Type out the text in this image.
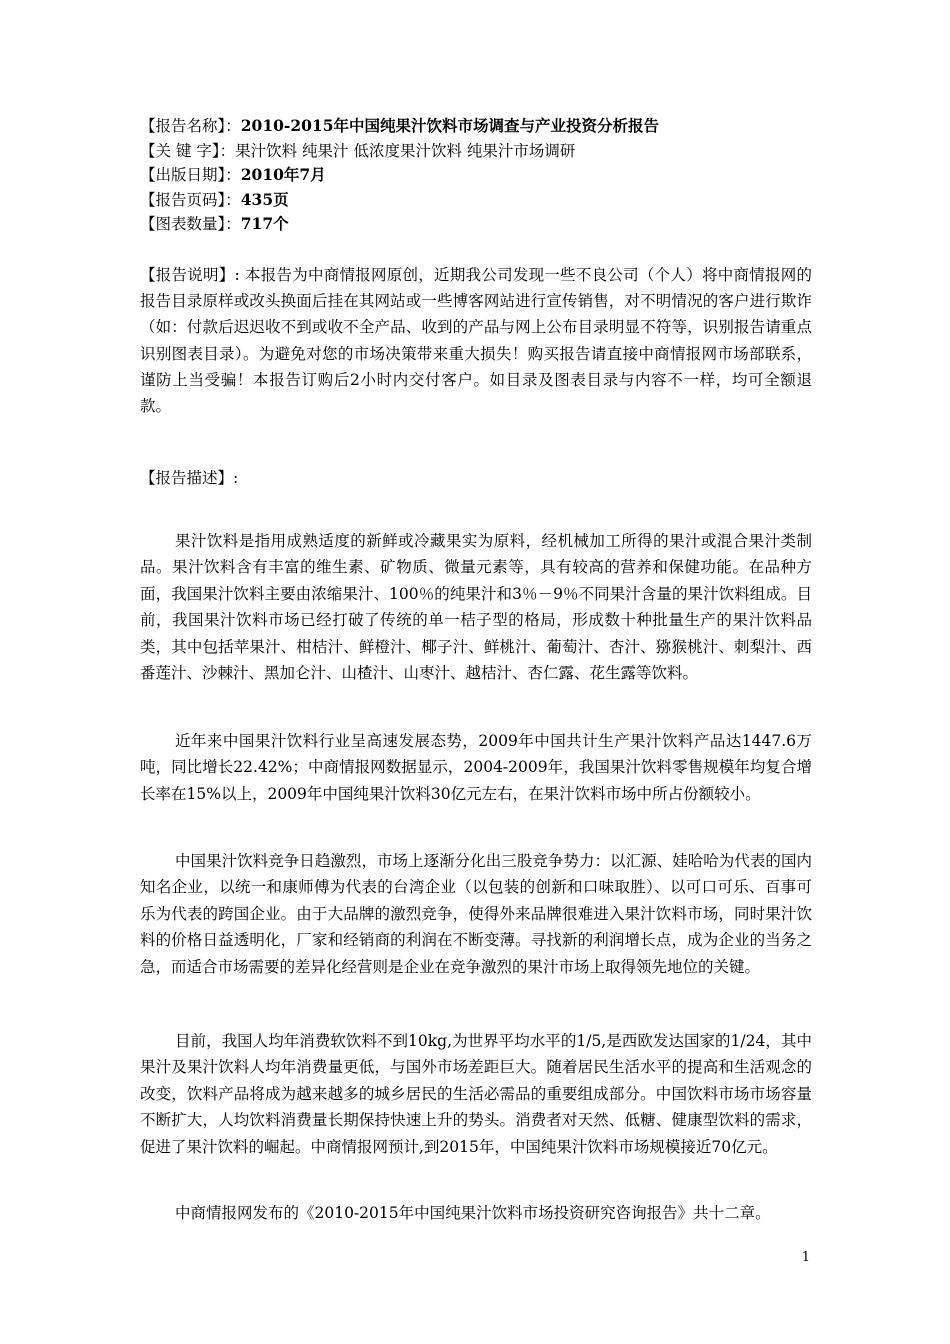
【报告名称】：2010-2015年中国纯果汁饮料市场调查与产业投资分析报告
【关 键 字】：果汁饮料 纯果汁 低浓度果汁饮料 纯果汁市场调研
【出版日期】：2010年7月
【报告页码】：435页
【图表数量】：717个
【报告说明】: 本报告为中商情报网原创，近期我公司发现一些不良公司（个人）将中商情报网的报告目录原样或改头换面后挂在其网站或一些博客网站进行宣传销售，对不明情况的客户进行欺诈（如：付款后迟迟收不到或收不全产品、收到的产品与网上公布目录明显不符等，识别报告请重点识别图表目录）。为避免对您的市场决策带来重大损失！购买报告请直接中商情报网市场部联系，谨防上当受骗！本报告订购后2小时内交付客户。如目录及图表目录与内容不一样，均可全额退款。
【报告描述】:

果汁饮料是指用成熟适度的新鲜或冷藏果实为原料，经机械加工所得的果汁或混合果汁类制品。果汁饮料含有丰富的维生素、矿物质、微量元素等，具有较高的营养和保健功能。在品种方面，我国果汁饮料主要由浓缩果汁、100％的纯果汁和3％－9％不同果汁含量的果汁饮料组成。目前，我国果汁饮料市场已经打破了传统的单一桔子型的格局，形成数十种批量生产的果汁饮料品类，其中包括苹果汁、柑桔汁、鲜橙汁、椰子汁、鲜桃汁、葡萄汁、杏汁、猕猴桃汁、刺梨汁、西番莲汁、沙棘汁、黑加仑汁、山楂汁、山枣汁、越桔汁、杏仁露、花生露等饮料。

近年来中国果汁饮料行业呈高速发展态势，2009年中国共计生产果汁饮料产品达1447.6万吨，同比增长22.42%；中商情报网数据显示，2004-2009年，我国果汁饮料零售规模年均复合增长率在15%以上，2009年中国纯果汁饮料30亿元左右，在果汁饮料市场中所占份额较小。

中国果汁饮料竞争日趋激烈，市场上逐渐分化出三股竞争势力：以汇源、娃哈哈为代表的国内知名企业，以统一和康师傅为代表的台湾企业（以包装的创新和口味取胜）、以可口可乐、百事可乐为代表的跨国企业。由于大品牌的激烈竞争，使得外来品牌很难进入果汁饮料市场，同时果汁饮料的价格日益透明化，厂家和经销商的利润在不断变薄。寻找新的利润增长点，成为企业的当务之急，而适合市场需要的差异化经营则是企业在竞争激烈的果汁市场上取得领先地位的关键。

目前，我国人均年消费软饮料不到10kg,为世界平均水平的1/5,是西欧发达国家的1/24，其中果汁及果汁饮料人均年消费量更低，与国外市场差距巨大。随着居民生活水平的提高和生活观念的改变，饮料产品将成为越来越多的城乡居民的生活必需品的重要组成部分。中国饮料市场市场容量不断扩大，人均饮料消费量长期保持快速上升的势头。消费者对天然、低糖、健康型饮料的需求，促进了果汁饮料的崛起。中商情报网预计,到2015年，中国纯果汁饮料市场规模接近70亿元。

中商情报网发布的《2010-2015年中国纯果汁饮料市场投资研究咨询报告》共十二章。

1
